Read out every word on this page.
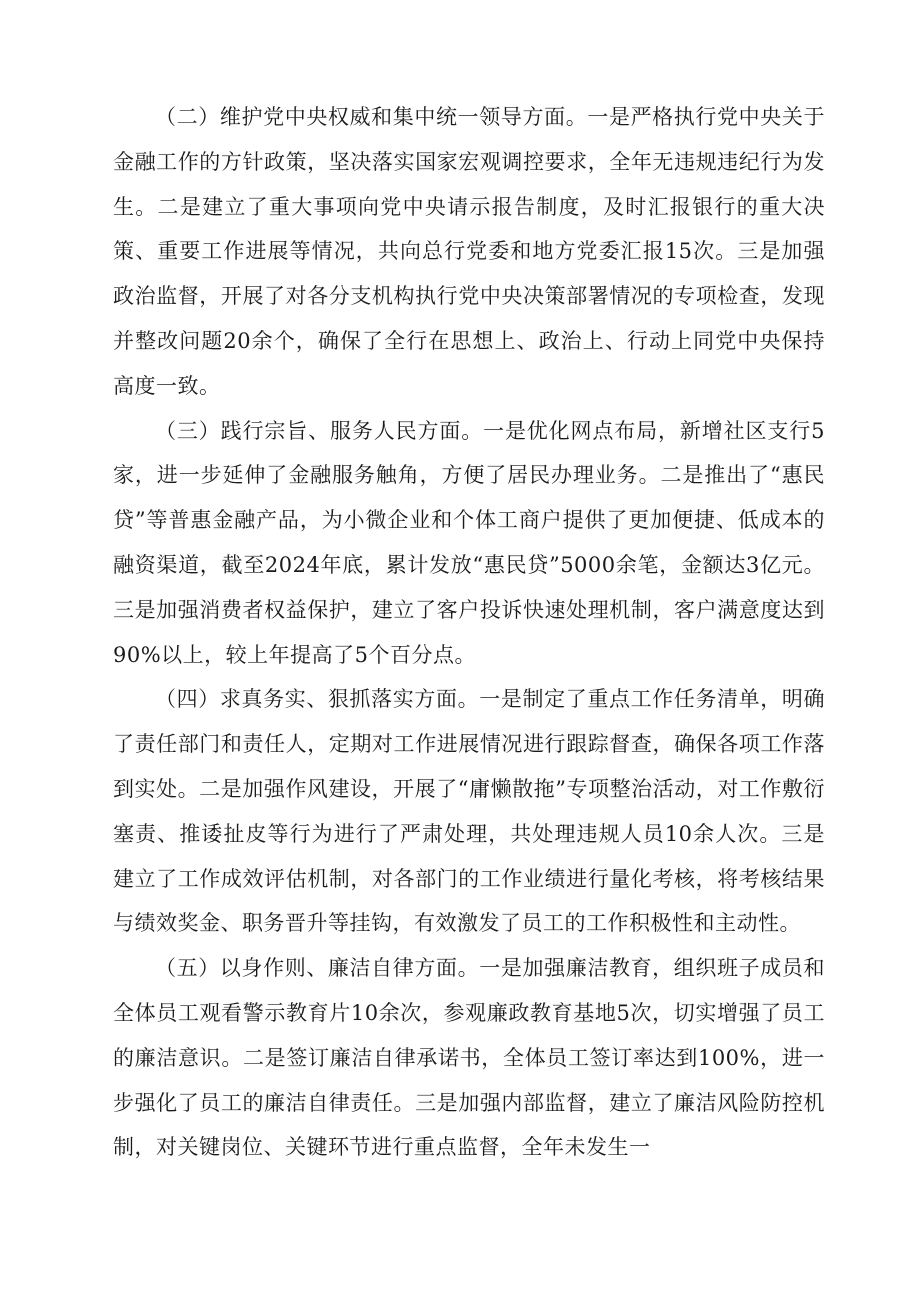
（二）维护党中央权威和集中统一领导方面。一是严格执行党中央关于金融工作的方针政策，坚决落实国家宏观调控要求，全年无违规违纪行为发生。二是建立了重大事项向党中央请示报告制度，及时汇报银行的重大决策、重要工作进展等情况，共向总行党委和地方党委汇报15次。三是加强政治监督，开展了对各分支机构执行党中央决策部署情况的专项检查，发现并整改问题20余个，确保了全行在思想上、政治上、行动上同党中央保持高度一致。

（三）践行宗旨、服务人民方面。一是优化网点布局，新增社区支行5家，进一步延伸了金融服务触角，方便了居民办理业务。二是推出了“惠民贷”等普惠金融产品，为小微企业和个体工商户提供了更加便捷、低成本的融资渠道，截至2024年底，累计发放“惠民贷”5000余笔，金额达3亿元。三是加强消费者权益保护，建立了客户投诉快速处理机制，客户满意度达到90%以上，较上年提高了5个百分点。

（四）求真务实、狠抓落实方面。一是制定了重点工作任务清单，明确了责任部门和责任人，定期对工作进展情况进行跟踪督查，确保各项工作落到实处。二是加强作风建设，开展了“庸懒散拖”专项整治活动，对工作敷衍塞责、推诿扯皮等行为进行了严肃处理，共处理违规人员10余人次。三是建立了工作成效评估机制，对各部门的工作业绩进行量化考核，将考核结果与绩效奖金、职务晋升等挂钩，有效激发了员工的工作积极性和主动性。

（五）以身作则、廉洁自律方面。一是加强廉洁教育，组织班子成员和全体员工观看警示教育片10余次，参观廉政教育基地5次，切实增强了员工的廉洁意识。二是签订廉洁自律承诺书，全体员工签订率达到100%，进一步强化了员工的廉洁自律责任。三是加强内部监督，建立了廉洁风险防控机制，对关键岗位、关键环节进行重点监督，全年未发生一
